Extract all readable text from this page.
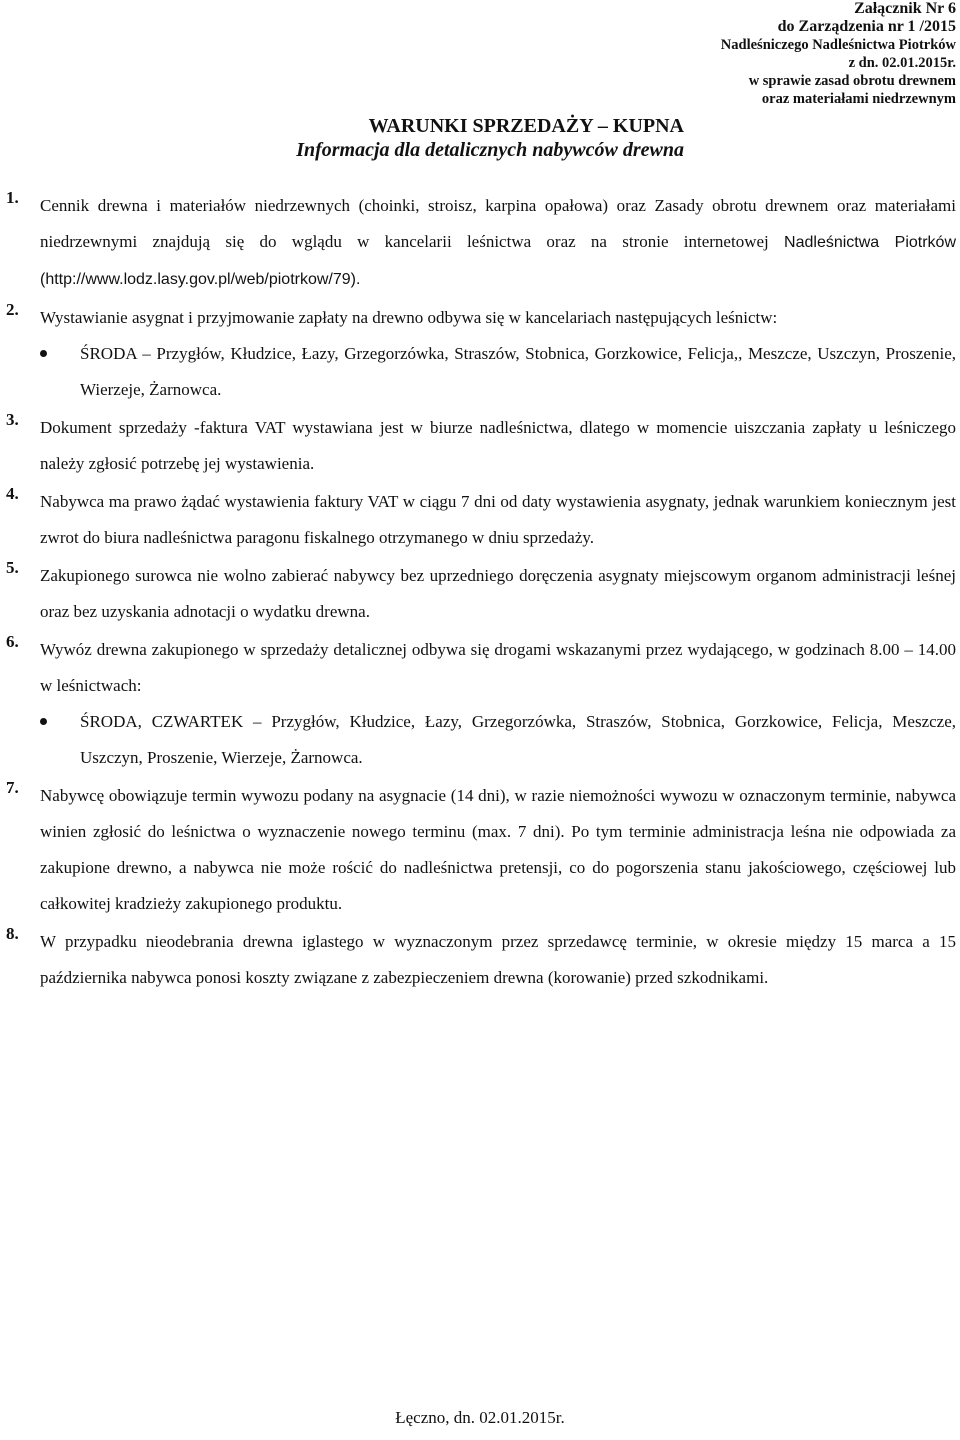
Załącznik Nr 6
do Zarządzenia nr 1 /2015
Nadleśniczego Nadleśnictwa Piotrków
z dn. 02.01.2015r.
w sprawie zasad obrotu drewnem
oraz materiałami niedrzewnym
WARUNKI SPRZEDAŻY – KUPNA
Informacja dla detalicznych nabywców drewna
1. Cennik drewna i materiałów niedrzewnych (choinki, stroisz, karpina opałowa) oraz Zasady obrotu drewnem oraz materiałami niedrzewnymi znajdują się do wglądu w kancelarii leśnictwa oraz na stronie internetowej Nadleśnictwa Piotrków (http://www.lodz.lasy.gov.pl/web/piotrkow/79).

2. Wystawianie asygnat i przyjmowanie zapłaty na drewno odbywa się w kancelariach następujących leśnictw:

ŚRODA – Przygłów, Kłudzice, Łazy, Grzegorzówka, Straszów, Stobnica, Gorzkowice, Felicja,, Meszcze, Uszczyn, Proszenie, Wierzeje, Żarnowca.
3. Dokument sprzedaży -faktura VAT wystawiana jest w biurze nadleśnictwa, dlatego w momencie uiszczania zapłaty u leśniczego należy zgłosić potrzebę jej wystawienia.

4. Nabywca ma prawo żądać wystawienia faktury VAT w ciągu 7 dni od daty wystawienia asygnaty, jednak warunkiem koniecznym jest zwrot do biura nadleśnictwa paragonu fiskalnego otrzymanego w dniu sprzedaży.

5. Zakupionego surowca nie wolno zabierać nabywcy bez uprzedniego doręczenia asygnaty miejscowym organom administracji leśnej oraz bez uzyskania adnotacji o wydatku drewna.

6. Wywóz drewna zakupionego w sprzedaży detalicznej odbywa się drogami wskazanymi przez wydającego, w godzinach 8.00 – 14.00 w leśnictwach:

ŚRODA, CZWARTEK – Przygłów, Kłudzice, Łazy, Grzegorzówka, Straszów, Stobnica, Gorzkowice, Felicja, Meszcze, Uszczyn, Proszenie, Wierzeje, Żarnowca.
7. Nabywcę obowiązuje termin wywozu podany na asygnacie (14 dni), w razie niemożności wywozu w oznaczonym terminie, nabywca winien zgłosić do leśnictwa o wyznaczenie nowego terminu (max. 7 dni). Po tym terminie administracja leśna nie odpowiada za zakupione drewno, a nabywca nie może rościć do nadleśnictwa pretensji, co do pogorszenia stanu jakościowego, częściowej lub całkowitej kradzieży zakupionego produktu.

8. W przypadku nieodebrania drewna iglastego w wyznaczonym przez sprzedawcę terminie, w okresie między 15 marca a 15 października nabywca ponosi koszty związane z zabezpieczeniem drewna (korowanie) przed szkodnikami.

Łęczno, dn. 02.01.2015r.
